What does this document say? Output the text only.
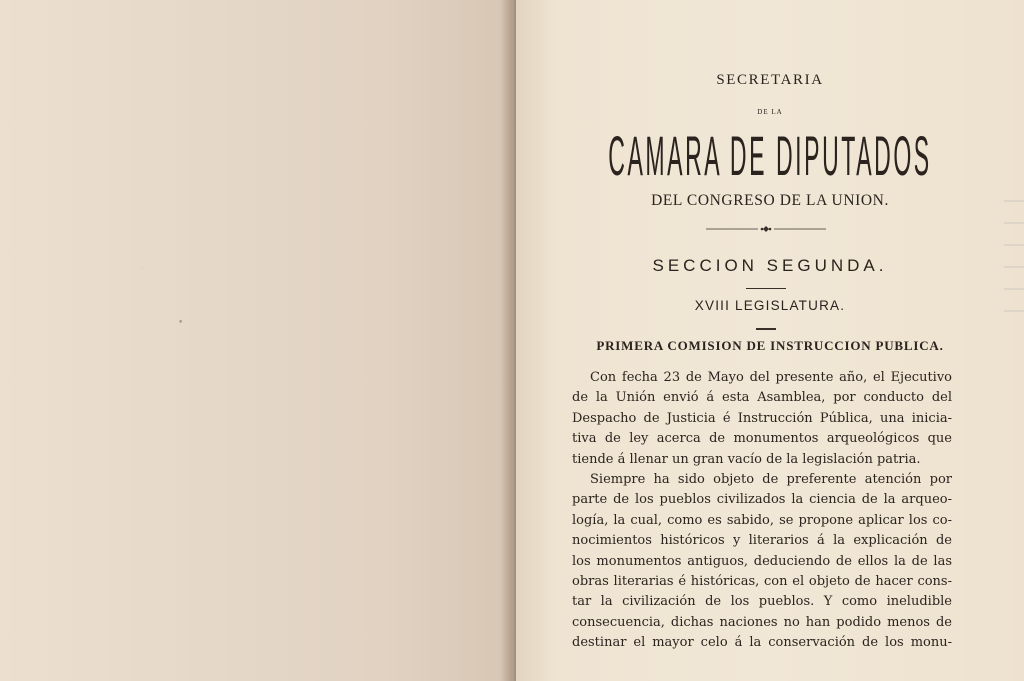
·
•
SECRETARIA
DE LA
CAMARA DE DIPUTADOS
DEL CONGRESO DE LA UNION.
SECCION SEGUNDA.
XVIII LEGISLATURA.
PRIMERA COMISION DE INSTRUCCION PUBLICA.
Con fecha 23 de Mayo del presente año, el Ejecutivo
de la Unión envió á esta Asamblea, por conducto del
Despacho de Justicia é Instrucción Pública, una inicia-
tiva de ley acerca de monumentos arqueológicos que
tiende á llenar un gran vacío de la legislación patria.
Siempre ha sido objeto de preferente atención por
parte de los pueblos civilizados la ciencia de la arqueo-
logía, la cual, como es sabido, se propone aplicar los co-
nocimientos históricos y literarios á la explicación de
los monumentos antiguos, deduciendo de ellos la de las
obras literarias é históricas, con el objeto de hacer cons-
tar la civilización de los pueblos. Y como ineludible
consecuencia, dichas naciones no han podido menos de
destinar el mayor celo á la conservación de los monu-
